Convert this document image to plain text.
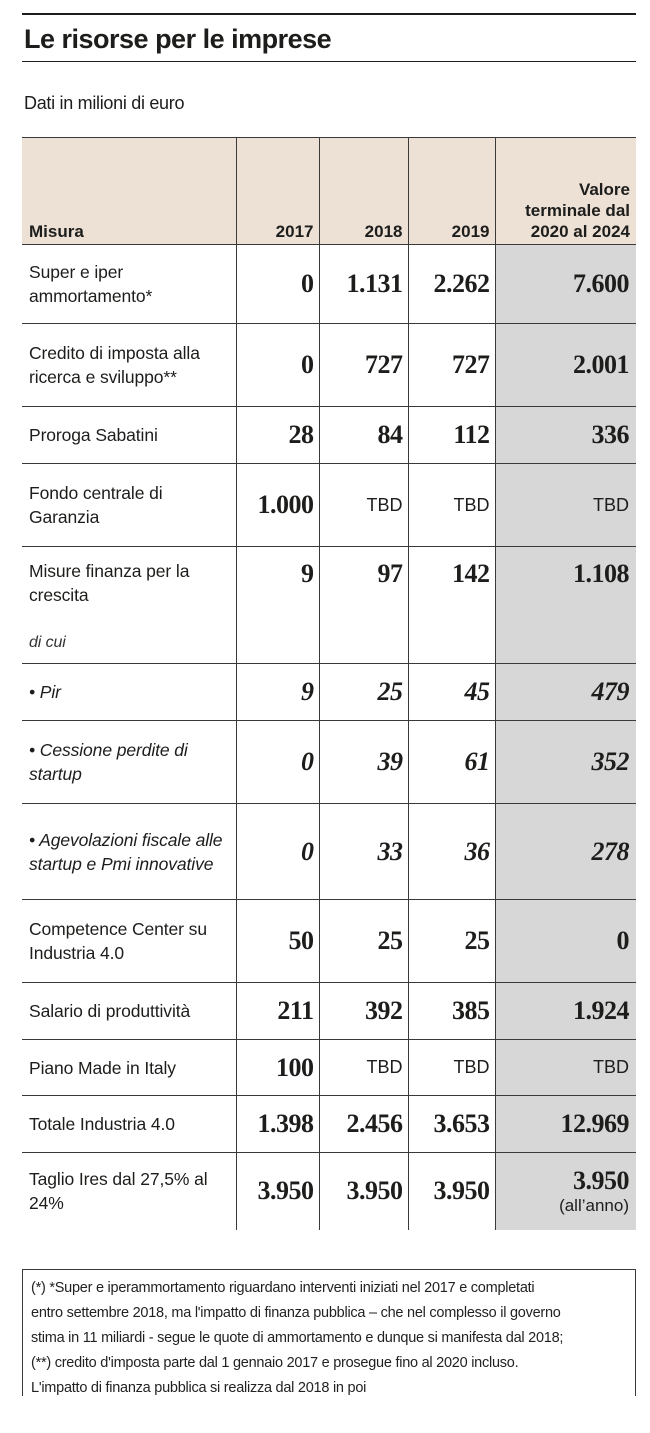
Le risorse per le imprese
Dati in milioni di euro
Misura	2017	2018	2019	Valore
terminale dal
2020 al 2024
Super e iper ammortamento*	0	1.131	2.262	7.600
Credito di imposta alla ricerca e sviluppo**	0	727	727	2.001
Proroga Sabatini	28	84	112	336
Fondo centrale di Garanzia	1.000	TBD	TBD	TBD
Misure finanza per la crescita	9	97	142	1.108
di cui				
• Pir	9	25	45	479
• Cessione perdite di startup	0	39	61	352
• Agevolazioni fiscale alle startup e Pmi innovative	0	33	36	278
Competence Center su Industria 4.0	50	25	25	0
Salario di produttività	211	392	385	1.924
Piano Made in Italy	100	TBD	TBD	TBD
Totale Industria 4.0	1.398	2.456	3.653	12.969
Taglio Ires dal 27,5% al 24%	3.950	3.950	3.950	3.950
(all’anno)

(*) *Super e iperammortamento riguardano interventi iniziati nel 2017 e completati

entro settembre 2018, ma l'impatto di finanza pubblica – che nel complesso il governo

stima in 11 miliardi - segue le quote di ammortamento e dunque si manifesta dal 2018;

(**) credito d'imposta parte dal 1 gennaio 2017 e prosegue fino al 2020 incluso.

L'impatto di finanza pubblica si realizza dal 2018 in poi
